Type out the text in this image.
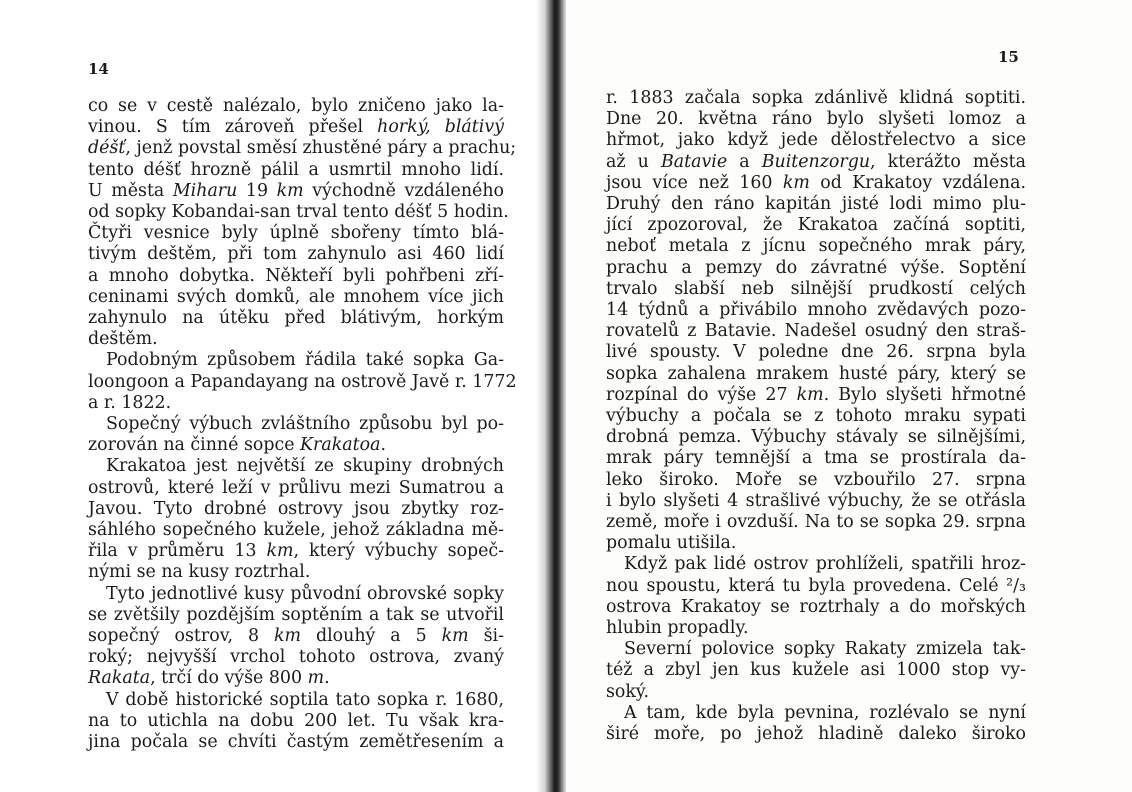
14
co se v cestě nalézalo, bylo zničeno jako la-
vinou. S tím zároveň přešel horký, blátivý
déšť, jenž povstal směsí zhustěné páry a prachu;
tento déšť hrozně pálil a usmrtil mnoho lidí.
U města Miharu 19 km východně vzdáleného
od sopky Kobandai-san trval tento déšť 5 hodin.
Čtyři vesnice byly úplně sbořeny tímto blá-
tivým deštěm, při tom zahynulo asi 460 lidí
a mnoho dobytka. Někteří byli pohřbeni zří-
ceninami svých domků, ale mnohem více jich
zahynulo na útěku před blátivým, horkým
deštěm.
Podobným způsobem řádila také sopka Ga-
loongoon a Papandayang na ostrově Javě r. 1772
a r. 1822.
Sopečný výbuch zvláštního způsobu byl po-
zorován na činné sopce Krakatoa.
Krakatoa jest největší ze skupiny drobných
ostrovů, které leží v průlivu mezi Sumatrou a
Javou. Tyto drobné ostrovy jsou zbytky roz-
sáhlého sopečného kužele, jehož základna mě-
řila v průměru 13 km, který výbuchy sopeč-
nými se na kusy roztrhal.
Tyto jednotlivé kusy původní obrovské sopky
se zvětšily pozdějším soptěním a tak se utvořil
sopečný ostrov, 8 km dlouhý a 5 km ši-
roký; nejvyšší vrchol tohoto ostrova, zvaný
Rakata, trčí do výše 800 m.
V době historické soptila tato sopka r. 1680,
na to utichla na dobu 200 let. Tu však kra-
jina počala se chvíti častým zemětřesením a
15
r. 1883 začala sopka zdánlivě klidná soptiti.
Dne 20. května ráno bylo slyšeti lomoz a
hřmot, jako když jede dělostřelectvo a sice
až u Batavie a Buitenzorgu, kterážto města
jsou více než 160 km od Krakatoy vzdálena.
Druhý den ráno kapitán jisté lodi mimo plu-
jící zpozoroval, že Krakatoa začíná soptiti,
neboť metala z jícnu sopečného mrak páry,
prachu a pemzy do závratné výše. Soptění
trvalo slabší neb silnější prudkostí celých
14 týdnů a přivábilo mnoho zvědavých pozo-
rovatelů z Batavie. Nadešel osudný den straš-
livé spousty. V poledne dne 26. srpna byla
sopka zahalena mrakem husté páry, který se
rozpínal do výše 27 km. Bylo slyšeti hřmotné
výbuchy a počala se z tohoto mraku sypati
drobná pemza. Výbuchy stávaly se silnějšími,
mrak páry temnější a tma se prostírala da-
leko široko. Moře se vzbouřilo 27. srpna
i bylo slyšeti 4 strašlivé výbuchy, že se otřásla
země, moře i ovzduší. Na to se sopka 29. srpna
pomalu utišila.
Když pak lidé ostrov prohlíželi, spatřili hroz-
nou spoustu, která tu byla provedena. Celé ²/₃
ostrova Krakatoy se roztrhaly a do mořských
hlubin propadly.
Severní polovice sopky Rakaty zmizela tak-
též a zbyl jen kus kužele asi 1000 stop vy-
soký.
A tam, kde byla pevnina, rozlévalo se nyní
širé moře, po jehož hladině daleko široko
